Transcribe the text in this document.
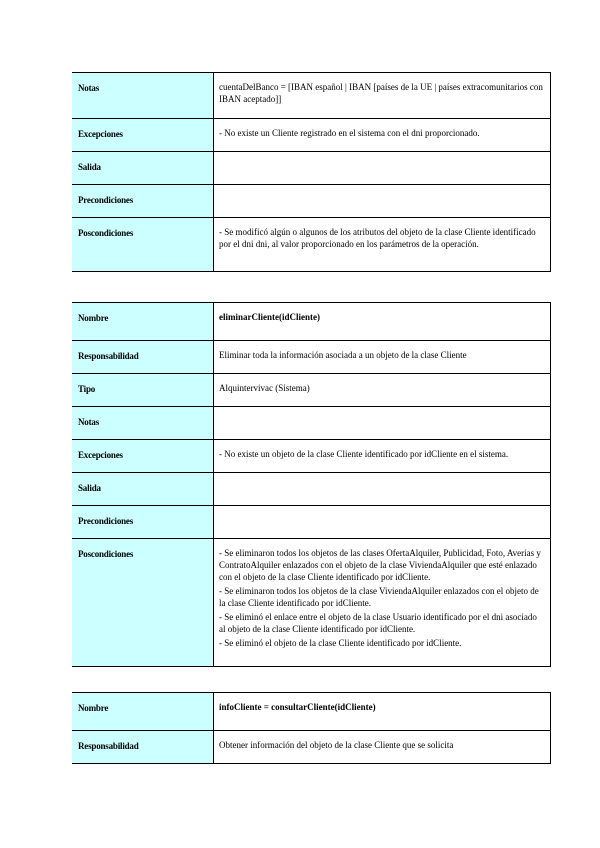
Notas	cuentaDelBanco = [IBAN español | IBAN [países de la UE | países extracomunitarios con IBAN aceptado]]
Excepciones	- No existe un Cliente registrado en el sistema con el dni proporcionado.
Salida	
Precondiciones	
Poscondiciones	- Se modificó algún o algunos de los atributos del objeto de la clase Cliente identificado por el dni dni, al valor proporcionado en los parámetros de la operación.
Nombre	eliminarCliente(idCliente)
Responsabilidad	Eliminar toda la información asociada a un objeto de la clase Cliente
Tipo	Alquintervivac (Sistema)
Notas	
Excepciones	- No existe un objeto de la clase Cliente identificado por idCliente en el sistema.
Salida	
Precondiciones	
Poscondiciones	- Se eliminaron todos los objetos de las clases OfertaAlquiler, Publicidad, Foto, Averías y ContratoAlquiler enlazados con el objeto de la clase ViviendaAlquiler que esté enlazado con el objeto de la clase Cliente identificado por idCliente.
- Se eliminaron todos los objetos de la clase ViviendaAlquiler enlazados con el objeto de la clase Cliente identificado por idCliente.
- Se eliminó el enlace entre el objeto de la clase Usuario identificado por el dni asociado al objeto de la clase Cliente identificado por idCliente.
- Se eliminó el objeto de la clase Cliente identificado por idCliente.
Nombre	infoCliente = consultarCliente(idCliente)
Responsabilidad	Obtener información del objeto de la clase Cliente que se solicita
